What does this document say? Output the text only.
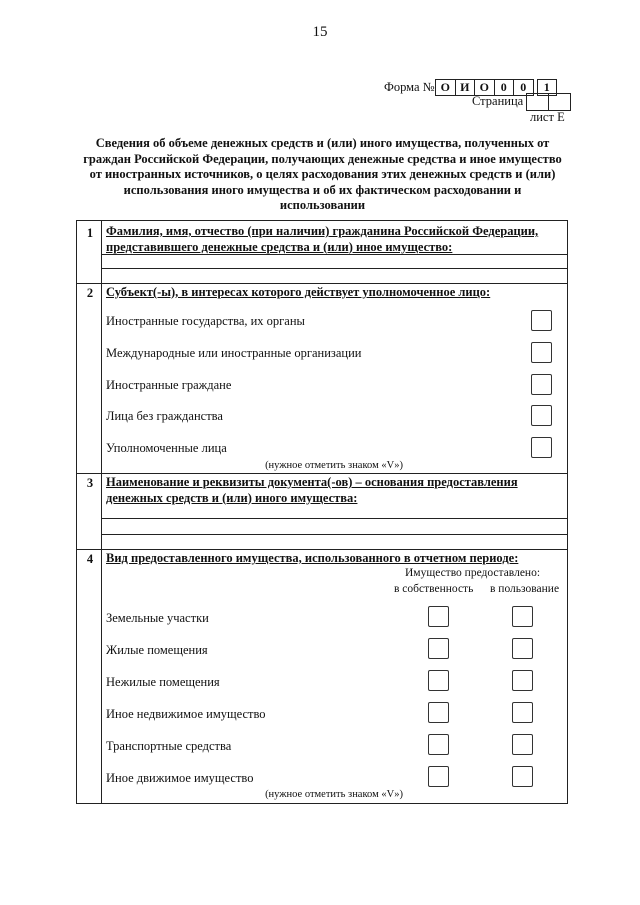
15
Форма № О И О 0	0	1
Страница
лист Е
Сведения об объеме денежных средств и (или) иного имущества, полученных от граждан Российской Федерации, получающих денежные средства и иное имущество от иностранных источников, о целях расходования этих денежных средств и (или) использования иного имущества и об их фактическом расходовании и использовании
1	Фамилия, имя, отчество (при наличии) гражданина Российской Федерации, представившего денежные средства и (или) иное имущество:
2	Субъект(-ы), в интересах которого действует уполномоченное лицо:
Иностранные государства, их органы
Международные или иностранные организации
Иностранные граждане
Лица без гражданства
Уполномоченные лица
(нужное отметить знаком «V»)
3	Наименование и реквизиты документа(-ов) – основания предоставления денежных средств и (или) иного имущества:
4	Вид предоставленного имущества, использованного в отчетном периоде:
Имущество предоставлено:
в собственность в пользование
Земельные участки
Жилые помещения
Нежилые помещения
Иное недвижимое имущество
Транспортные средства
Иное движимое имущество
(нужное отметить знаком «V»)
